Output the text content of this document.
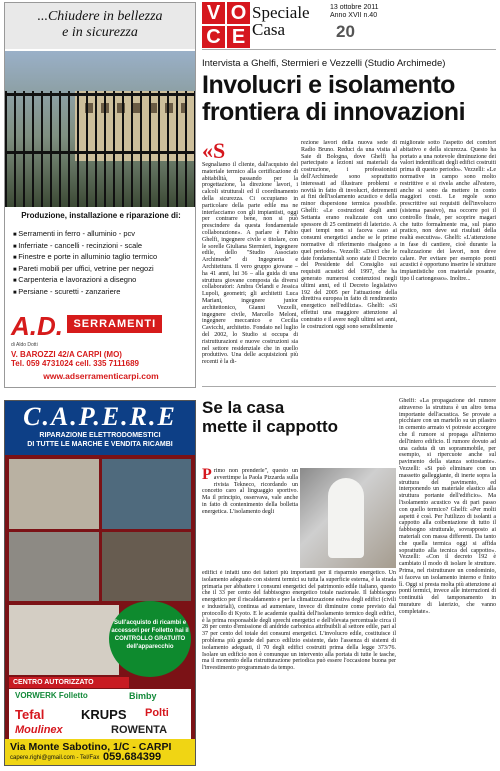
...Chiudere in bellezza
e in sicurezza
Produzione, installazione e riparazione di:
■ Serramenti in ferro - alluminio - pcv
■ Inferriate - cancelli - recinzioni - scale
■ Finestre e porte in alluminio taglio termico
■ Pareti mobili per uffici, vetrine per negozi
■ Carpenteria e lavorazioni a disegno
■ Persiane - scuretti - zanzariere
A.D. SERRAMENTI
di Aldo Dotti
V. BAROZZI 42/A CARPI (MO)
Tel. 059 4731024 cell. 335 7111689
www.adserramenticarpi.com
C.A.P.E.R.E
RIPARAZIONE ELETTRODOMESTICI
DI TUTTE LE MARCHE E VENDITA RICAMBI
Sull'acquisto di ricambi e accessori per Folletto hai il CONTROLLO GRATUITO dell'apparecchio
CENTRO AUTORIZZATO
VORWERK Folletto	Bimby
Tefal	KRUPS Polti
Moulinex	ROWENTA
Via Monte Sabotino, 1/C - CARPI
capere.righi@gmail.com - Tel/Fax 059.684399
V O
C E
Speciale
Casa
13 ottobre 2011
Anno XVII n.40
20
Intervista a Ghelfi, Stermieri e Vezzelli (Studio Archimede)
Involucri e isolamento frontiera di innovazioni
«S
Segnaliamo il cliente, dall'acquisto del materiale termico alla certificazione di abitabilità, passando per la progettazione, la direzione lavori, i calcoli strutturali ed il coordinamento della sicurezza. Ci occupiamo in particolare della parte edile ma ne interfacciamo con gli impiantisti, oggi per contrarre bene, non si può prescindere da questa fondamentale collaborazione». A parlare è Fabio Ghelfi, ingegnere civile e titolare, con le sorelle Giuliana Stermieri, ingegnere edile, dello "Studio Associato Archimede" di Ingegneria e Architettura. Il vero gruppo giovane – ha 41 anni, lui 36 – alla guida di una struttura giovane composta da diversi collaboratori: Ambra Orlandi e Jessica Lupoli, geometri; gli architetti Luca Mariani, ingegnere junior architettonico, Gianni Vezzelli, ingegnere civile, Marcello Meloni, ingegnere meccanico e Cecilia Cavicchi, architetto. Fondato nel luglio del 2002, lo Studio si occupa di ristrutturazioni e nuove costruzioni sia nel settore residenziale che in quello produttivo. Una delle acquisizioni più recenti è la di-
rezione lavori della nuova sede di Radio Bruno. Reduci da una visita al Saie di Bologna, dove Ghelfi ha partecipato a lezioni sui materiali da costruzione, i professionisti dell'Archimede sono soprattutto interessati ad illustrare problemi e novità in fatto di involucri, detrementi ai fini dell'isolamento acustico e della minor dispersione termica possibile. Ghelfi: «Le costruzioni degli anni Settanta erano realizzate con uno spessore di 25 centimetri di laterizio. A quei tempi non si faceva caso ai consumi energetici anche se le prime normative di riferimento risalgono a quel periodo». Vezzelli: «Dieci che le date fondamentali sono state il Decreto del Presidente del Consiglio sui requisiti acustici del 1997, che ha generato numerosi contenziosi negli ultimi anni, ed il Decreto legislativo 192 del 2005 per l'attuazione della direttiva europea in fatto di rendimento energetico nell'edilizia». Ghelfi: «Si effettui una maggiore attenzione al contratto e il avere negli ultimi sei anni, le costruzioni oggi sono sensibilmente
migliorate sotto l'aspetto del comfort abitativo e della sicurezza. Questo ha portato a una notevole diminuzione dei valori indentificati degli edifici costruiti prima di questo periodo». Vezzelli: «Le normative in campo sono molto restrittive e si rivela anche all'estero, anche si sono da mettere in conto maggiori costi. Le regole sono prescrittive sui requisiti dell'involucro (sistema passivo), ma occorre poi il controllo finale, per scoprire magari che tutto formalmente ma, sul piano pratico, non deve sui risultati della realtà esecutiva». Ghelfi: «L'attenzione in fase di cantiere, cioè durante la realizzazione dei lavori, non deve calare. Per evitare per esempio ponti acustici è opportuno inserire le strutture impiantistiche con materiale posante, tipo il cartongesso». Inoltre...
Se la casa
mette il cappotto
P rimo non prenderle", questo un avvertimpe la Paola Pizzarda sulla rivista Tekneco, ricordando un concetto caro al linguaggio sportivo. Ma il principio, osservava, vale anche in fatto di contenimento della bolletta energetica. L'isolamento degli
edifici è infatti uno dei fattori più importanti per il risparmio energetico. Un isolamento adeguato con sistemi termici su tutta la superficie esterna, è la strada primaria per abbattere i consumi energetici del patrimonio edile italiano, questo che il 33 per cento del fabbisogno energetico totale nazionale. Il fabbisogno energetico per il riscaldamento e per la climatizzazione estiva degli edifici (civili e industriali), continua ad aumentare, invece di diminuire come previsto dal protocollo di Kyoto. E le academie qualità dell'isolamento termico degli edifici, è la prima responsabile degli sprechi energetici e dell'elevata percentuale circa il 28 per cento d'emissione di anidride carbonica attribuibili al settore edile, pari al 37 per cento del totale dei consumi energetici. L'involucro edile, costituisce il problema più grande del parco edilizio esistente, dato l'assenza di sistemi di isolamento adeguati, il 70 degli edifici costruiti prima della legge 373/76. Isolare un edificio non è comunque un intervento alla portata di tutte le tasche, ma il momento della ristrutturazione periodica può essere l'occasione buona per l'investimento programmato da tempo.
Ghelfi: «La propagazione del rumore attraverso la struttura è un altro tema importante dell'acustica. Se provate a picchiare con un martello su un pilastro in cemento armato vi potreste accorgere che il rumore si propaga all'interno dell'intero edificio. Il rumore dovuto ad una caduta di un soprammobile, per esempio, si ripercuote anche sul pavimento della stanza sottostante». Vezzelli: «Si può eliminare con un massetto galleggiante, di inerte sopra la struttura del pavimento, ed interponendo un materiale elastico alla struttura portante dell'edificio». Ma l'isolamento acustico va di pari passo con quello termico? Ghelfi: «Per molti aspetti è così. Per l'utilizzo di isolanti a cappotto alla coibentazione di tutto il fabbisogno strutturale, sovrapposto ai materiali con massa differenti. Da tanto che quella termica oggi si affida soprattutto alla tecnica del cappotto». Vezzelli: «Con il decreto 192 è cambiato il modo di isolare le strutture. Prima, nel ristrutturare un condominio, si faceva un isolamento interno e finito lì. Oggi si presta molta più attenzione ai ponti termici, invece alle interruzioni di continuità del tamponamento in murature di laterizio, che vanno completate».
